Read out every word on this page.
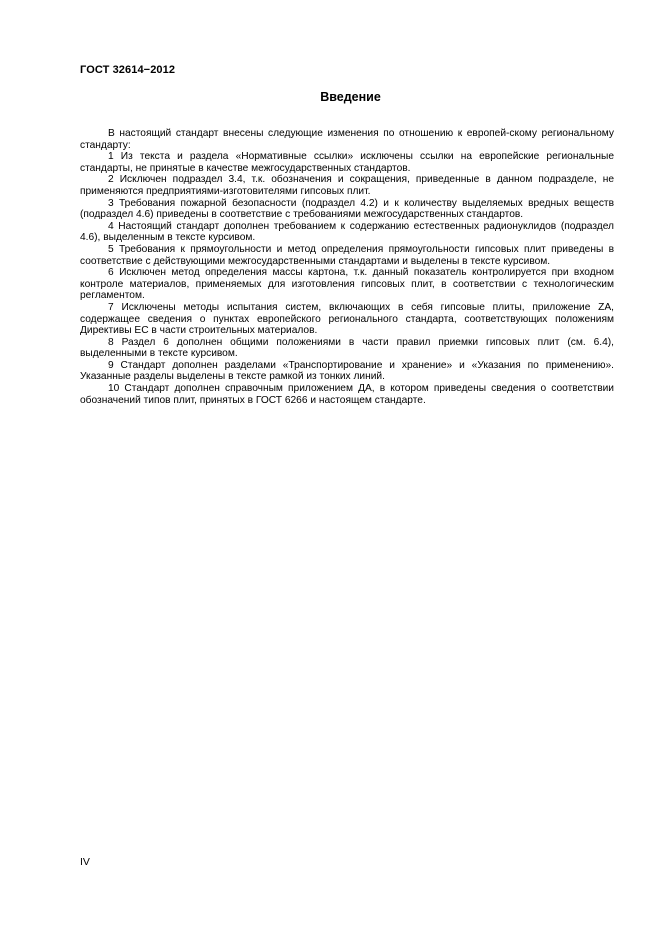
ГОСТ 32614−2012
Введение

В настоящий стандарт внесены следующие изменения по отношению к европей-скому региональному стандарту:

1 Из текста и раздела «Нормативные ссылки» исключены ссылки на европейские региональные стандарты, не принятые в качестве межгосударственных стандартов.

2 Исключен подраздел 3.4, т.к. обозначения и сокращения, приведенные в данном подразделе, не применяются предприятиями-изготовителями гипсовых плит.

3 Требования пожарной безопасности (подраздел 4.2) и к количеству выделяемых вредных веществ (подраздел 4.6) приведены в соответствие с требованиями межгосударственных стандартов.

4 Настоящий стандарт дополнен требованием к содержанию естественных радионуклидов (подраздел 4.6), выделенным в тексте курсивом.

5 Требования к прямоугольности и метод определения прямоугольности гипсовых плит приведены в соответствие с действующими межгосударственными стандартами и выделены в тексте курсивом.

6 Исключен метод определения массы картона, т.к. данный показатель контролируется при входном контроле материалов, применяемых для изготовления гипсовых плит, в соответствии с технологическим регламентом.

7 Исключены методы испытания систем, включающих в себя гипсовые плиты, приложение ZA, содержащее сведения о пунктах европейского регионального стандарта, соответствующих положениям Директивы ЕС в части строительных материалов.

8 Раздел 6 дополнен общими положениями в части правил приемки гипсовых плит (см. 6.4), выделенными в тексте курсивом.

9 Стандарт дополнен разделами «Транспортирование и хранение» и «Указания по применению». Указанные разделы выделены в тексте рамкой из тонких линий.

10 Стандарт дополнен справочным приложением ДА, в котором приведены сведения о соответствии обозначений типов плит, принятых в ГОСТ 6266 и настоящем стандарте.

IV
